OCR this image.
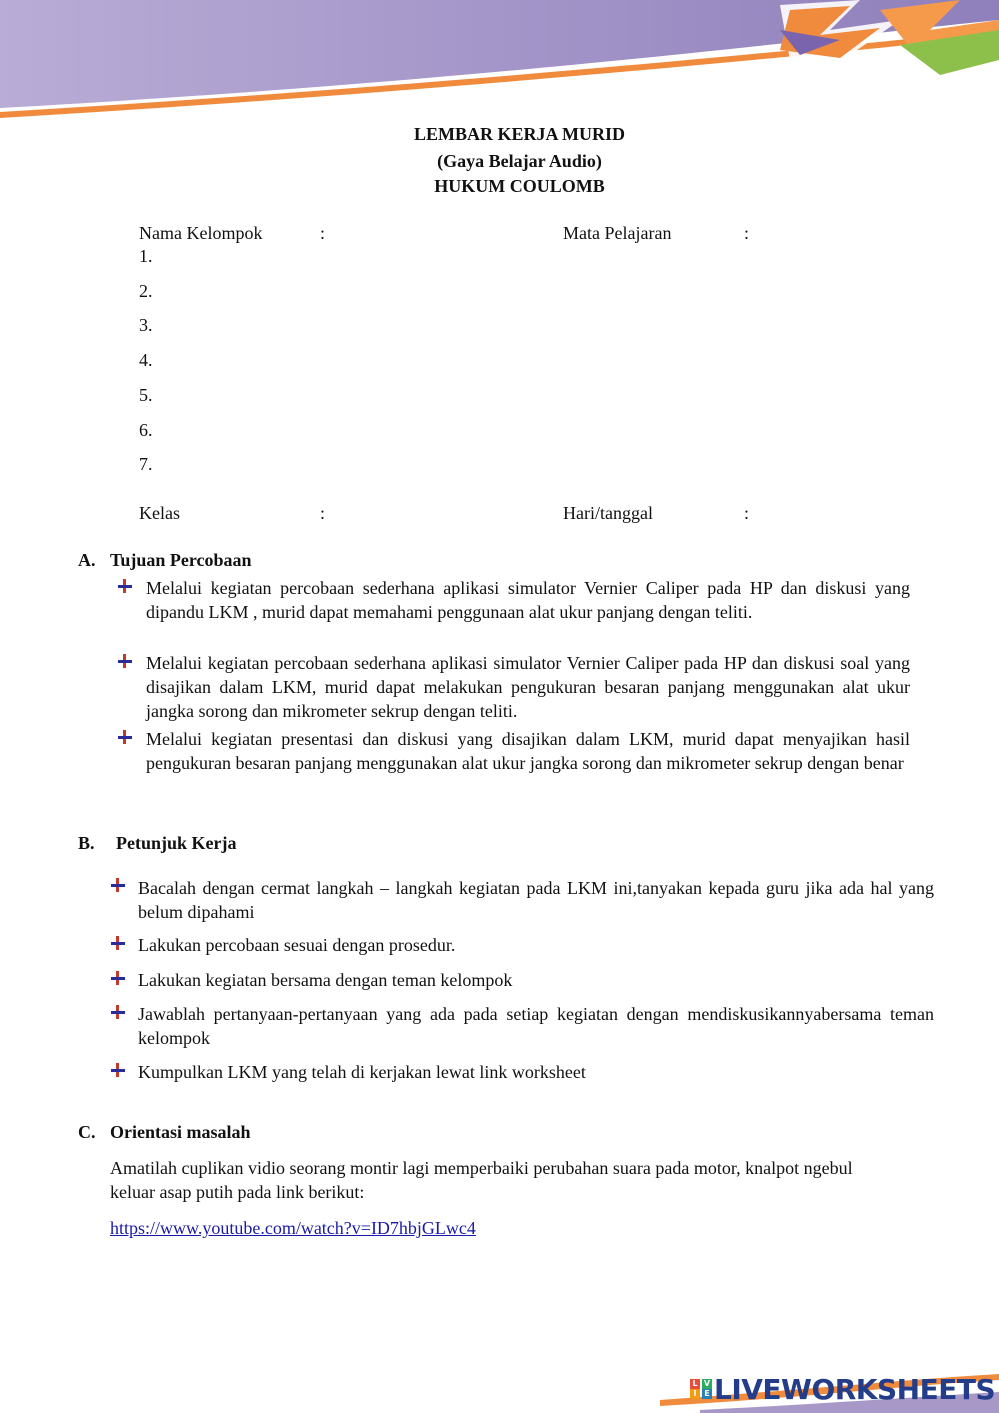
LEMBAR KERJA MURID
(Gaya Belajar Audio)
HUKUM COULOMB
Nama Kelompok	:	Mata Pelajaran	:
1.
2.
3.
4.
5.
6.
7.
Kelas	:	Hari/tanggal	:
A. Tujuan Percobaan
Melalui kegiatan percobaan sederhana aplikasi simulator Vernier Caliper pada HP dan diskusi yang dipandu LKM , murid dapat memahami penggunaan alat ukur panjang dengan teliti.
Melalui kegiatan percobaan sederhana aplikasi simulator Vernier Caliper pada HP dan diskusi soal yang disajikan dalam LKM, murid dapat melakukan pengukuran besaran panjang menggunakan alat ukur jangka sorong dan mikrometer sekrup dengan teliti.
Melalui kegiatan presentasi dan diskusi yang disajikan dalam LKM, murid dapat menyajikan hasil pengukuran besaran panjang menggunakan alat ukur jangka sorong dan mikrometer sekrup dengan benar
B. Petunjuk Kerja
Bacalah dengan cermat langkah – langkah kegiatan pada LKM ini,tanyakan kepada guru jika ada hal yang belum dipahami
Lakukan percobaan sesuai dengan prosedur.
Lakukan kegiatan bersama dengan teman kelompok
Jawablah pertanyaan-pertanyaan yang ada pada setiap kegiatan dengan mendiskusikannyabersama teman kelompok
Kumpulkan LKM yang telah di kerjakan lewat link worksheet
C. Orientasi masalah
Amatilah cuplikan vidio seorang montir lagi memperbaiki perubahan suara pada motor, knalpot ngebul keluar asap putih pada link berikut:
https://www.youtube.com/watch?v=ID7hbjGLwc4
L
I
V
E LIVEWORKSHEETS
